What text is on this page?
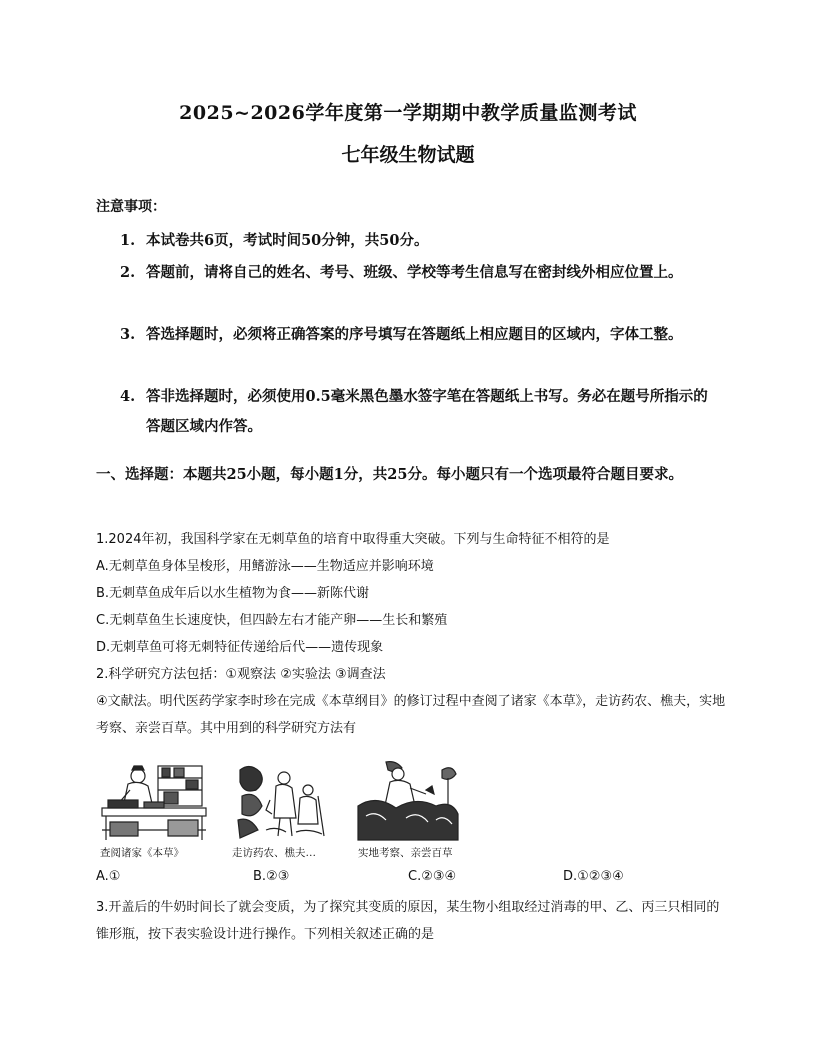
2025~2026学年度第一学期期中教学质量监测考试
七年级生物试题
注意事项：
1. 本试卷共6页，考试时间50分钟，共50分。
2. 答题前，请将自己的姓名、考号、班级、学校等考生信息写在密封线外相应位置上。
3. 答选择题时，必须将正确答案的序号填写在答题纸上相应题目的区域内，字体工整。
4. 答非选择题时，必须使用0.5毫米黑色墨水签字笔在答题纸上书写。务必在题号所指示的答题区域内作答。
一、选择题：本题共25小题，每小题1分，共25分。每小题只有一个选项最符合题目要求。
1.2024年初，我国科学家在无刺草鱼的培育中取得重大突破。下列与生命特征不相符的是
A.无刺草鱼身体呈梭形，用鳍游泳——生物适应并影响环境
B.无刺草鱼成年后以水生植物为食——新陈代谢
C.无刺草鱼生长速度快，但四龄左右才能产卵——生长和繁殖
D.无刺草鱼可将无刺特征传递给后代——遗传现象
2.科学研究方法包括：①观察法 ②实验法 ③调查法
④文献法。明代医药学家李时珍在完成《本草纲目》的修订过程中查阅了诸家《本草》，走访药农、樵夫，实地考察、亲尝百草。其中用到的科学研究方法有
查阅诸家《本草》	走访药农、樵夫…	实地考察、亲尝百草
A.①	B.②③	C.②③④	D.①②③④
3.开盖后的牛奶时间长了就会变质，为了探究其变质的原因，某生物小组取经过消毒的甲、乙、丙三只相同的锥形瓶，按下表实验设计进行操作。下列相关叙述正确的是
